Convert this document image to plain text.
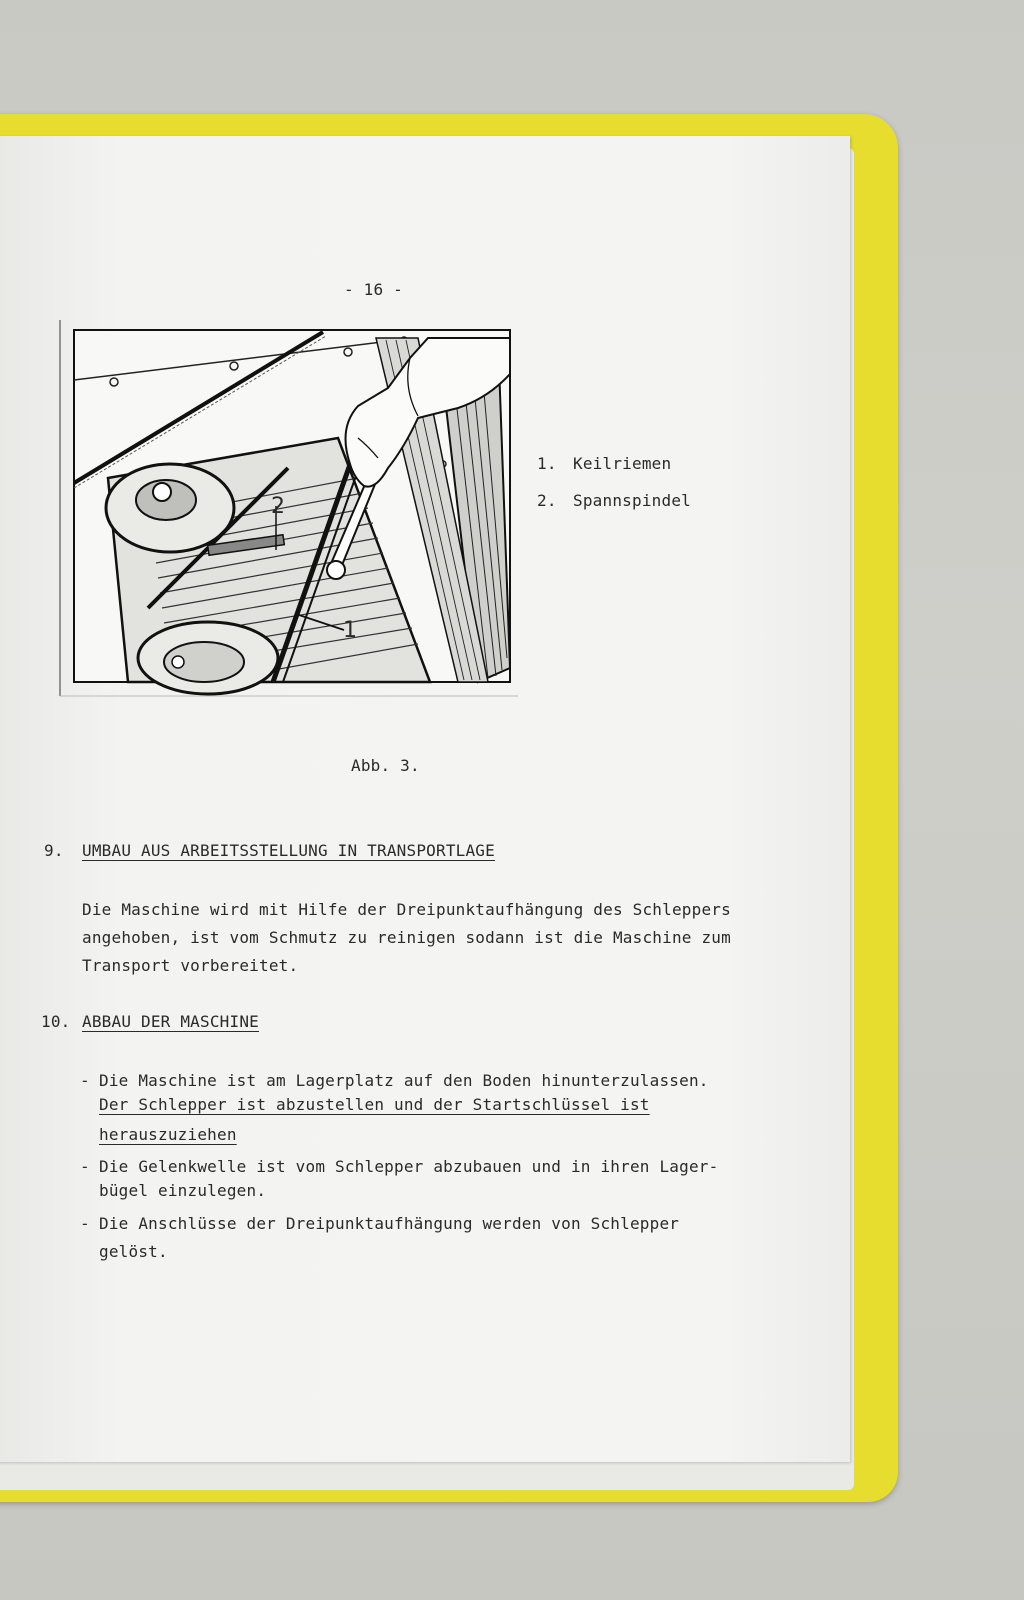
- 16 -
2
1
1. Keilriemen
2. Spannspindel
Abb. 3.
9. UMBAU AUS ARBEITSSTELLUNG IN TRANSPORTLAGE
Die Maschine wird mit Hilfe der Dreipunktaufhängung des Schleppers
angehoben, ist vom Schmutz zu reinigen sodann ist die Maschine zum
Transport vorbereitet.
10. ABBAU DER MASCHINE
- Die Maschine ist am Lagerplatz auf den Boden hinunterzulassen.
Der Schlepper ist abzustellen und der Startschlüssel ist
herauszuziehen
- Die Gelenkwelle ist vom Schlepper abzubauen und in ihren Lager-
bügel einzulegen.
- Die Anschlüsse der Dreipunktaufhängung werden von Schlepper
gelöst.
